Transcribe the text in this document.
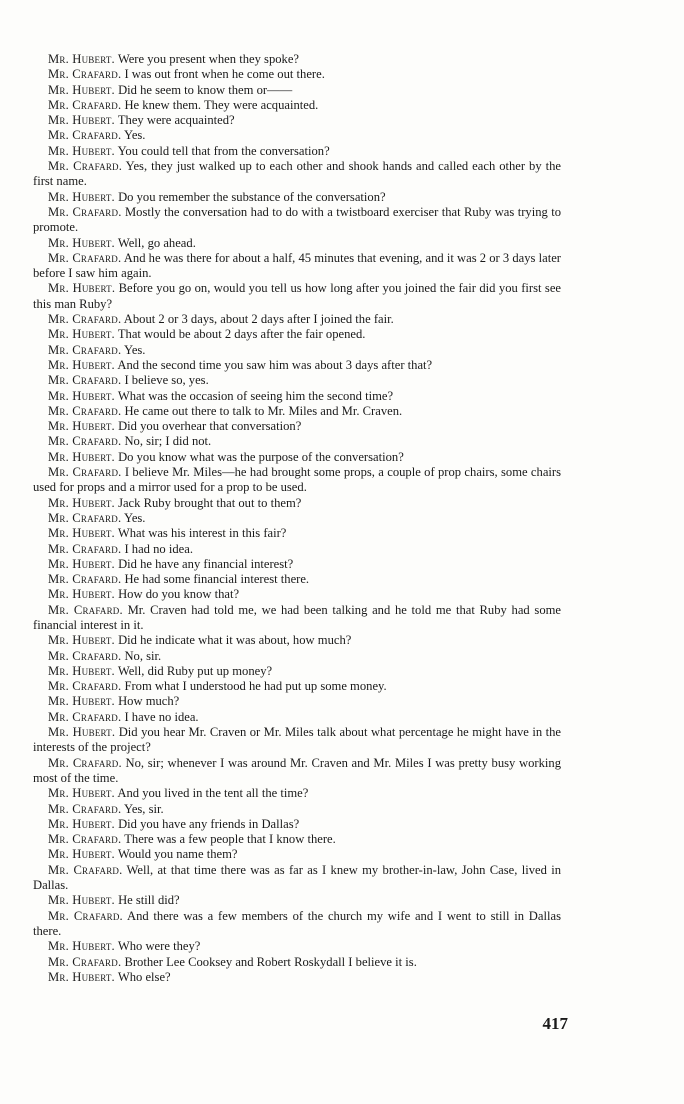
Mr. Hubert. Were you present when they spoke?

Mr. Crafard. I was out front when he come out there.

Mr. Hubert. Did he seem to know them or——

Mr. Crafard. He knew them. They were acquainted.

Mr. Hubert. They were acquainted?

Mr. Crafard. Yes.

Mr. Hubert. You could tell that from the conversation?

Mr. Crafard. Yes, they just walked up to each other and shook hands and called each other by the first name.

Mr. Hubert. Do you remember the substance of the conversation?

Mr. Crafard. Mostly the conversation had to do with a twistboard exerciser that Ruby was trying to promote.

Mr. Hubert. Well, go ahead.

Mr. Crafard. And he was there for about a half, 45 minutes that evening, and it was 2 or 3 days later before I saw him again.

Mr. Hubert. Before you go on, would you tell us how long after you joined the fair did you first see this man Ruby?

Mr. Crafard. About 2 or 3 days, about 2 days after I joined the fair.

Mr. Hubert. That would be about 2 days after the fair opened.

Mr. Crafard. Yes.

Mr. Hubert. And the second time you saw him was about 3 days after that?

Mr. Crafard. I believe so, yes.

Mr. Hubert. What was the occasion of seeing him the second time?

Mr. Crafard. He came out there to talk to Mr. Miles and Mr. Craven.

Mr. Hubert. Did you overhear that conversation?

Mr. Crafard. No, sir; I did not.

Mr. Hubert. Do you know what was the purpose of the conversation?

Mr. Crafard. I believe Mr. Miles—he had brought some props, a couple of prop chairs, some chairs used for props and a mirror used for a prop to be used.

Mr. Hubert. Jack Ruby brought that out to them?

Mr. Crafard. Yes.

Mr. Hubert. What was his interest in this fair?

Mr. Crafard. I had no idea.

Mr. Hubert. Did he have any financial interest?

Mr. Crafard. He had some financial interest there.

Mr. Hubert. How do you know that?

Mr. Crafard. Mr. Craven had told me, we had been talking and he told me that Ruby had some financial interest in it.

Mr. Hubert. Did he indicate what it was about, how much?

Mr. Crafard. No, sir.

Mr. Hubert. Well, did Ruby put up money?

Mr. Crafard. From what I understood he had put up some money.

Mr. Hubert. How much?

Mr. Crafard. I have no idea.

Mr. Hubert. Did you hear Mr. Craven or Mr. Miles talk about what percentage he might have in the interests of the project?

Mr. Crafard. No, sir; whenever I was around Mr. Craven and Mr. Miles I was pretty busy working most of the time.

Mr. Hubert. And you lived in the tent all the time?

Mr. Crafard. Yes, sir.

Mr. Hubert. Did you have any friends in Dallas?

Mr. Crafard. There was a few people that I know there.

Mr. Hubert. Would you name them?

Mr. Crafard. Well, at that time there was as far as I knew my brother-in-law, John Case, lived in Dallas.

Mr. Hubert. He still did?

Mr. Crafard. And there was a few members of the church my wife and I went to still in Dallas there.

Mr. Hubert. Who were they?

Mr. Crafard. Brother Lee Cooksey and Robert Roskydall I believe it is.

Mr. Hubert. Who else?

417
